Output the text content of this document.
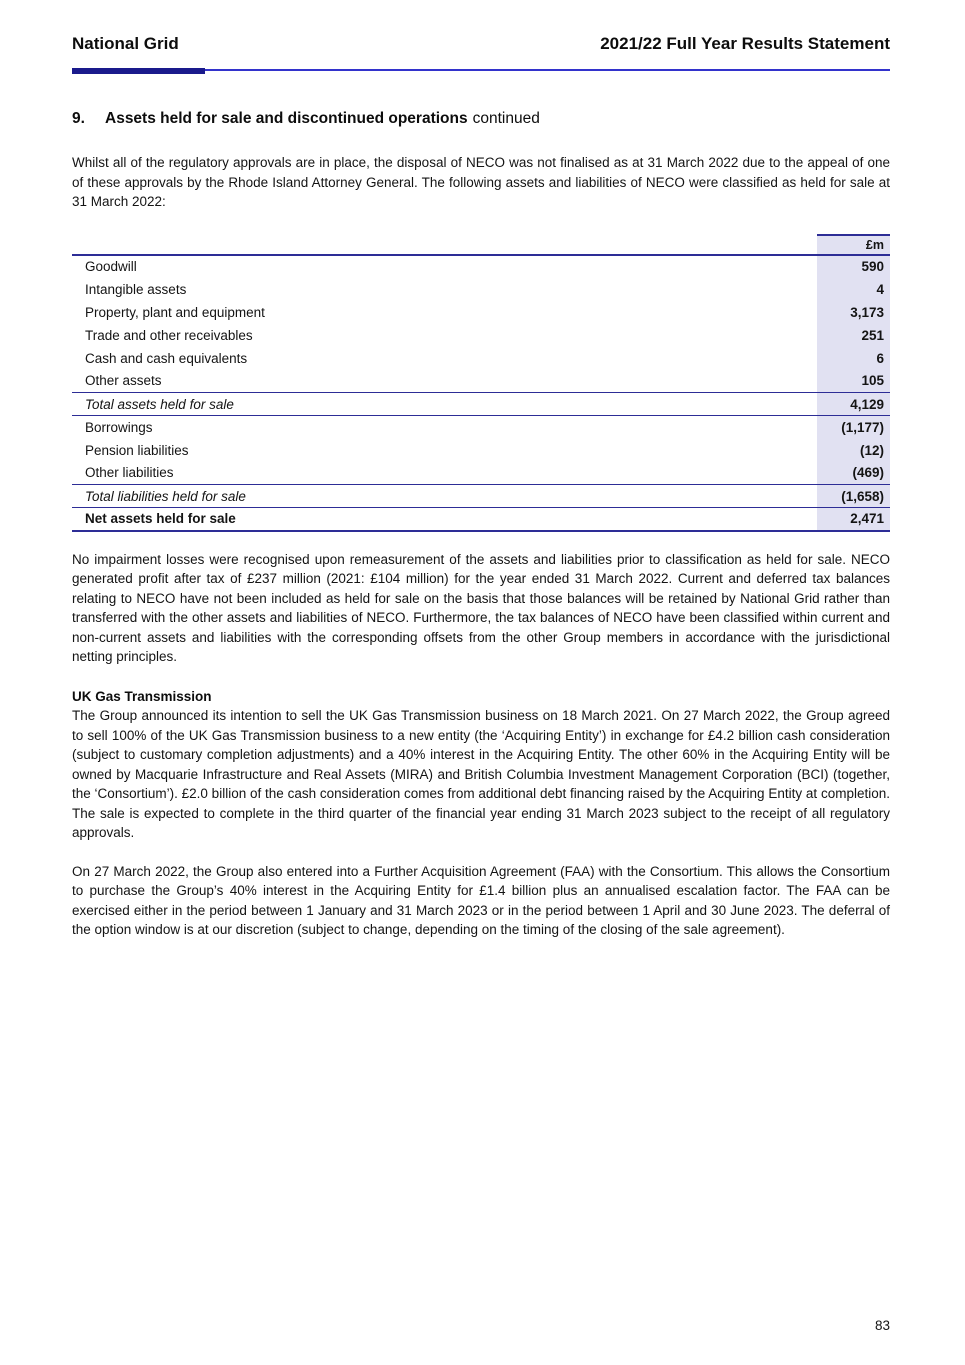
National Grid	2021/22 Full Year Results Statement
9.	Assets held for sale and discontinued operations continued

Whilst all of the regulatory approvals are in place, the disposal of NECO was not finalised as at 31 March 2022 due to the appeal of one of these approvals by the Rhode Island Attorney General. The following assets and liabilities of NECO were classified as held for sale at 31 March 2022:

	£m
Goodwill	590
Intangible assets	4
Property, plant and equipment	3,173
Trade and other receivables	251
Cash and cash equivalents	6
Other assets	105
Total assets held for sale	4,129
Borrowings	(1,177)
Pension liabilities	(12)
Other liabilities	(469)
Total liabilities held for sale	(1,658)
Net assets held for sale	2,471

No impairment losses were recognised upon remeasurement of the assets and liabilities prior to classification as held for sale. NECO generated profit after tax of £237 million (2021: £104 million) for the year ended 31 March 2022. Current and deferred tax balances relating to NECO have not been included as held for sale on the basis that those balances will be retained by National Grid rather than transferred with the other assets and liabilities of NECO. Furthermore, the tax balances of NECO have been classified within current and non-current assets and liabilities with the corresponding offsets from the other Group members in accordance with the jurisdictional netting principles.

UK Gas Transmission

The Group announced its intention to sell the UK Gas Transmission business on 18 March 2021. On 27 March 2022, the Group agreed to sell 100% of the UK Gas Transmission business to a new entity (the ‘Acquiring Entity’) in exchange for £4.2 billion cash consideration (subject to customary completion adjustments) and a 40% interest in the Acquiring Entity. The other 60% in the Acquiring Entity will be owned by Macquarie Infrastructure and Real Assets (MIRA) and British Columbia Investment Management Corporation (BCI) (together, the ‘Consortium’). £2.0 billion of the cash consideration comes from additional debt financing raised by the Acquiring Entity at completion. The sale is expected to complete in the third quarter of the financial year ending 31 March 2023 subject to the receipt of all regulatory approvals.

On 27 March 2022, the Group also entered into a Further Acquisition Agreement (FAA) with the Consortium. This allows the Consortium to purchase the Group’s 40% interest in the Acquiring Entity for £1.4 billion plus an annualised escalation factor. The FAA can be exercised either in the period between 1 January and 31 March 2023 or in the period between 1 April and 30 June 2023. The deferral of the option window is at our discretion (subject to change, depending on the timing of the closing of the sale agreement).

83
